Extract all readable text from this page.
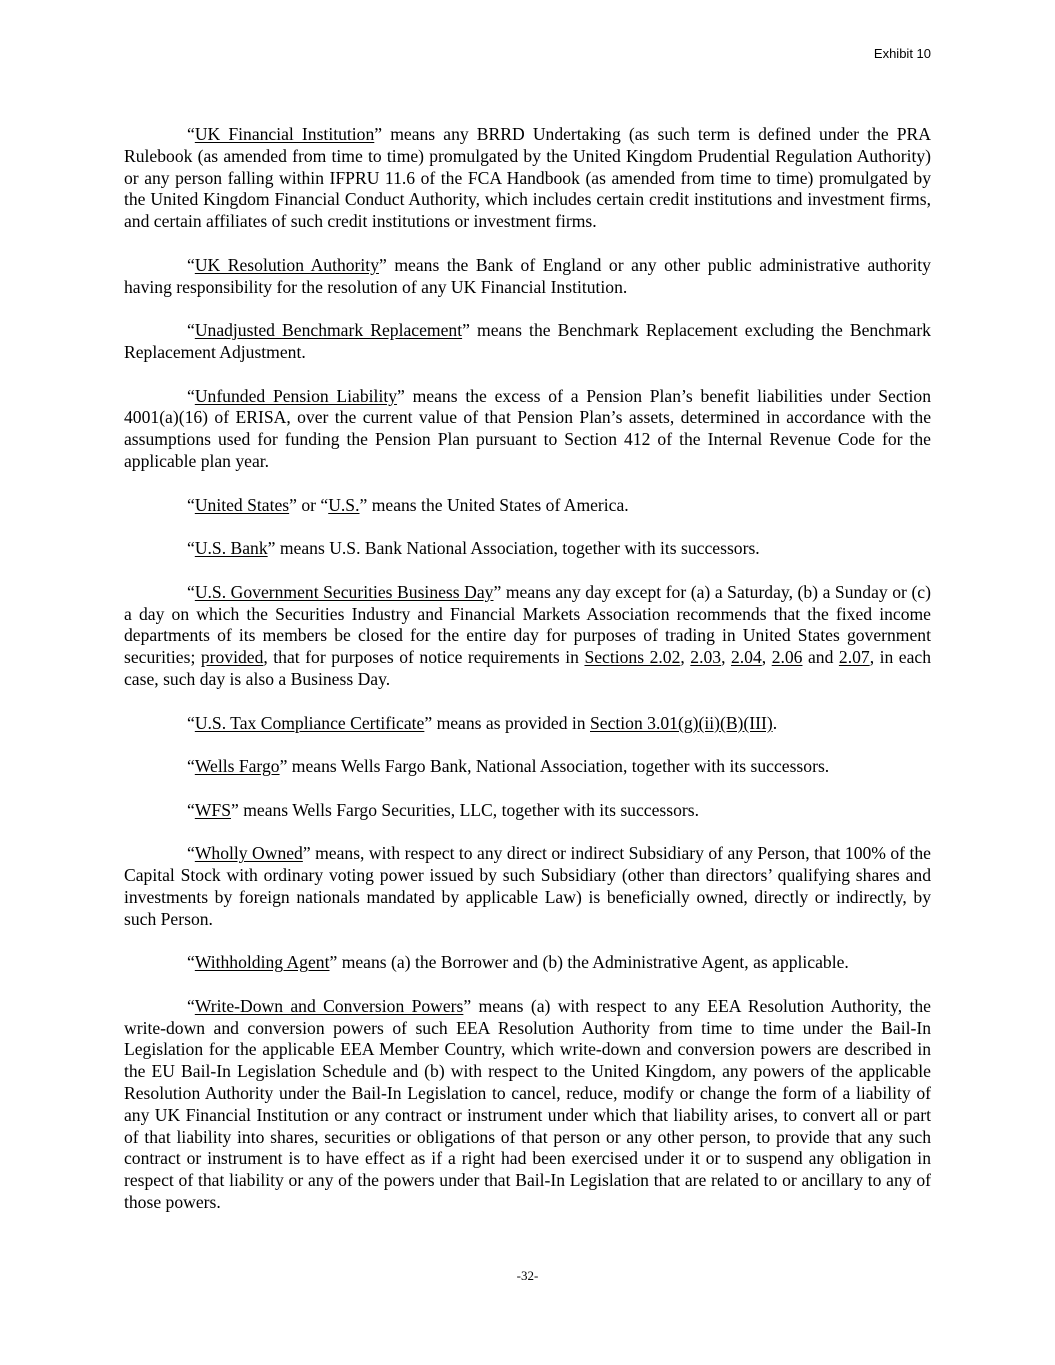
Exhibit 10

“UK Financial Institution” means any BRRD Undertaking (as such term is defined under the PRA Rulebook (as amended from time to time) promulgated by the United Kingdom Prudential Regulation Authority) or any person falling within IFPRU 11.6 of the FCA Handbook (as amended from time to time) promulgated by the United Kingdom Financial Conduct Authority, which includes certain credit institutions and investment firms, and certain affiliates of such credit institutions or investment firms.

“UK Resolution Authority” means the Bank of England or any other public administrative authority having responsibility for the resolution of any UK Financial Institution.

“Unadjusted Benchmark Replacement” means the Benchmark Replacement excluding the Benchmark Replacement Adjustment.

“Unfunded Pension Liability” means the excess of a Pension Plan’s benefit liabilities under Section 4001(a)(16) of ERISA, over the current value of that Pension Plan’s assets, determined in accordance with the assumptions used for funding the Pension Plan pursuant to Section 412 of the Internal Revenue Code for the applicable plan year.

“United States” or “U.S.” means the United States of America.

“U.S. Bank” means U.S. Bank National Association, together with its successors.

“U.S. Government Securities Business Day” means any day except for (a) a Saturday, (b) a Sunday or (c) a day on which the Securities Industry and Financial Markets Association recommends that the fixed income departments of its members be closed for the entire day for purposes of trading in United States government securities; provided, that for purposes of notice requirements in Sections 2.02, 2.03, 2.04, 2.06 and 2.07, in each case, such day is also a Business Day.

“U.S. Tax Compliance Certificate” means as provided in Section 3.01(g)(ii)(B)(III).

“Wells Fargo” means Wells Fargo Bank, National Association, together with its successors.

“WFS” means Wells Fargo Securities, LLC, together with its successors.

“Wholly Owned” means, with respect to any direct or indirect Subsidiary of any Person, that 100% of the Capital Stock with ordinary voting power issued by such Subsidiary (other than directors’ qualifying shares and investments by foreign nationals mandated by applicable Law) is beneficially owned, directly or indirectly, by such Person.

“Withholding Agent” means (a) the Borrower and (b) the Administrative Agent, as applicable.

“Write-Down and Conversion Powers” means (a) with respect to any EEA Resolution Authority, the write-down and conversion powers of such EEA Resolution Authority from time to time under the Bail-In Legislation for the applicable EEA Member Country, which write-down and conversion powers are described in the EU Bail-In Legislation Schedule and (b) with respect to the United Kingdom, any powers of the applicable Resolution Authority under the Bail-In Legislation to cancel, reduce, modify or change the form of a liability of any UK Financial Institution or any contract or instrument under which that liability arises, to convert all or part of that liability into shares, securities or obligations of that person or any other person, to provide that any such contract or instrument is to have effect as if a right had been exercised under it or to suspend any obligation in respect of that liability or any of the powers under that Bail-In Legislation that are related to or ancillary to any of those powers.

-32-
